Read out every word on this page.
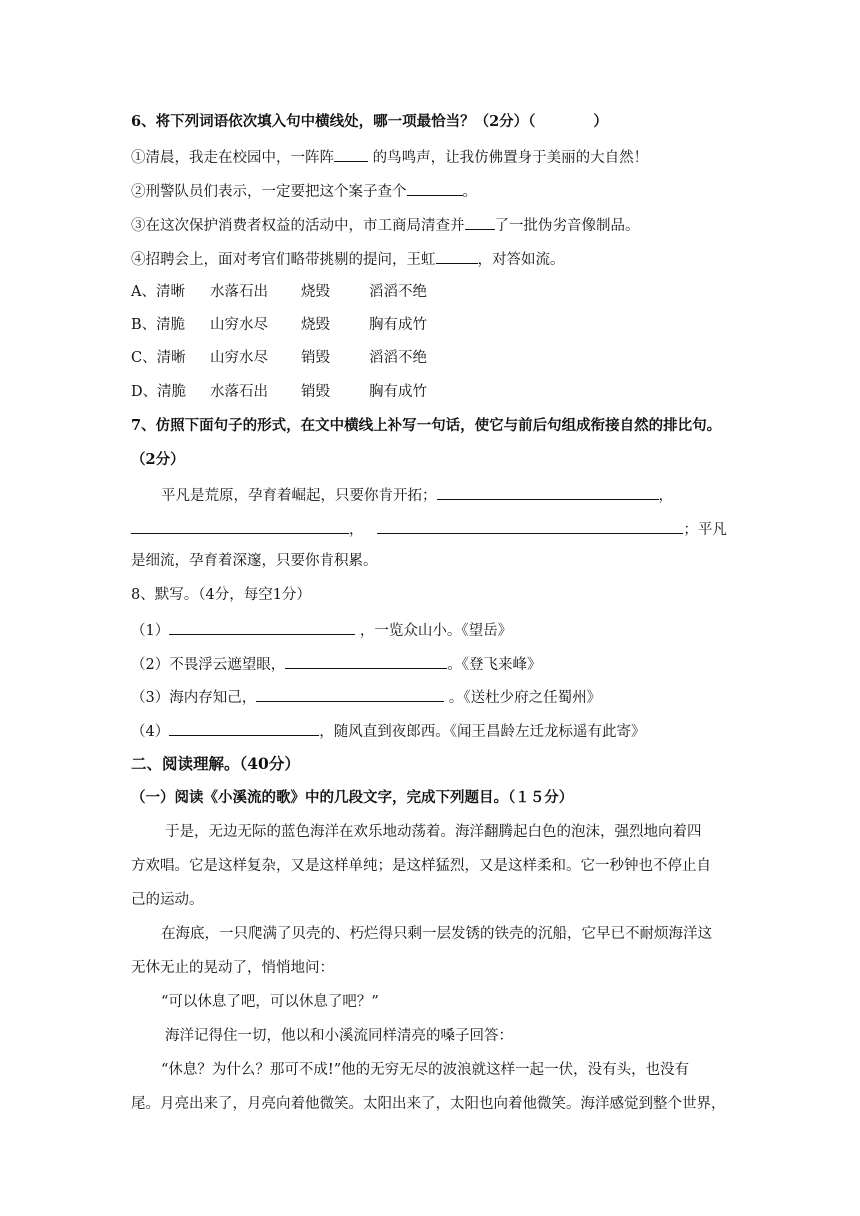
6、将下列词语依次填入句中横线处，哪一项最恰当？（2分）（　　　　）
①清晨，我走在校园中，一阵阵	的鸟鸣声，让我仿佛置身于美丽的大自然！
②刑警队员们表示，一定要把这个案子查个	。
③在这次保护消费者权益的活动中，市工商局清查并 了一批伪劣音像制品。
④招聘会上，面对考官们略带挑剔的提问，王虹	，对答如流。
A、清晰 水落石出 烧毁	滔滔不绝
B、清脆 山穷水尽 烧毁	胸有成竹
C、清晰 山穷水尽 销毁	滔滔不绝
D、清脆 水落石出 销毁	胸有成竹
7、仿照下面句子的形式，在文中横线上补写一句话，使它与前后句组成衔接自然的排比句。
（2分）
平凡是荒原，孕育着崛起，只要你肯开拓；	，
，	；平凡
是细流，孕育着深邃，只要你肯积累。
8、默写。（4分，每空1分）
（1）	，一览众山小。《望岳》
（2）不畏浮云遮望眼，	。《登飞来峰》
（3）海内存知己，	。《送杜少府之任蜀州》
（4）	，随风直到夜郎西。《闻王昌龄左迁龙标遥有此寄》
二、阅读理解。（40分）
（一）阅读《小溪流的歌》中的几段文字，完成下列题目。（１５分）
于是，无边无际的蓝色海洋在欢乐地动荡着。海洋翻腾起白色的泡沫，强烈地向着四
方欢唱。它是这样复杂，又是这样单纯；是这样猛烈，又是这样柔和。它一秒钟也不停止自
己的运动。
在海底，一只爬满了贝壳的、朽烂得只剩一层发锈的铁壳的沉船，它早已不耐烦海洋这
无休无止的晃动了，悄悄地问：
“可以休息了吧，可以休息了吧？”
海洋记得住一切，他以和小溪流同样清亮的嗓子回答：
“休息？为什么？那可不成!”他的无穷无尽的波浪就这样一起一伏，没有头，也没有
尾。月亮出来了，月亮向着他微笑。太阳出来了，太阳也向着他微笑。海洋感觉到整个世界，
